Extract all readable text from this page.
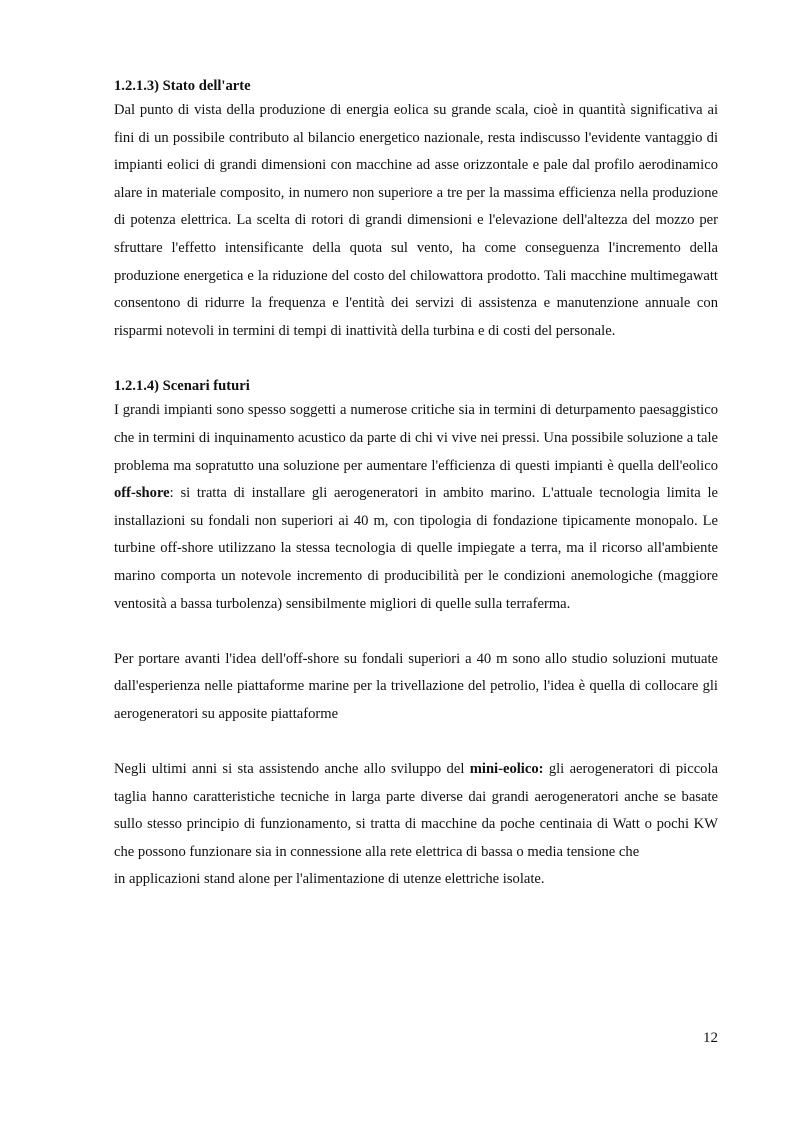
1.2.1.3) Stato dell'arte

Dal punto di vista della produzione di energia eolica su grande scala, cioè in quantità significativa ai fini di un possibile contributo al bilancio energetico nazionale, resta indiscusso l'evidente vantaggio di impianti eolici di grandi dimensioni con macchine ad asse orizzontale e pale dal profilo aerodinamico alare in materiale composito, in numero non superiore a tre per la massima efficienza nella produzione di potenza elettrica. La scelta di rotori di grandi dimensioni e l'elevazione dell'altezza del mozzo per sfruttare l'effetto intensificante della quota sul vento, ha come conseguenza l'incremento della produzione energetica e la riduzione del costo del chilowattora prodotto. Tali macchine multimegawatt consentono di ridurre la frequenza e l'entità dei servizi di assistenza e manutenzione annuale con risparmi notevoli in termini di tempi di inattività della turbina e di costi del personale.

1.2.1.4) Scenari futuri

I grandi impianti sono spesso soggetti a numerose critiche sia in termini di deturpamento paesaggistico che in termini di inquinamento acustico da parte di chi vi vive nei pressi. Una possibile soluzione a tale problema ma sopratutto una soluzione per aumentare l'efficienza di questi impianti è quella dell'eolico off-shore: si tratta di installare gli aerogeneratori in ambito marino. L'attuale tecnologia limita le installazioni su fondali non superiori ai 40 m, con tipologia di fondazione tipicamente monopalo. Le turbine off-shore utilizzano la stessa tecnologia di quelle impiegate a terra, ma il ricorso all'ambiente marino comporta un notevole incremento di producibilità per le condizioni anemologiche (maggiore ventosità a bassa turbolenza) sensibilmente migliori di quelle sulla terraferma.

Per portare avanti l'idea dell'off-shore su fondali superiori a 40 m sono allo studio soluzioni mutuate dall'esperienza nelle piattaforme marine per la trivellazione del petrolio, l'idea è quella di collocare gli aerogeneratori su apposite piattaforme

Negli ultimi anni si sta assistendo anche allo sviluppo del mini-eolico: gli aerogeneratori di piccola taglia hanno caratteristiche tecniche in larga parte diverse dai grandi aerogeneratori anche se basate sullo stesso principio di funzionamento, si tratta di macchine da poche centinaia di Watt o pochi KW che possono funzionare sia in connessione alla rete elettrica di bassa o media tensione che

in applicazioni stand alone per l'alimentazione di utenze elettriche isolate.

12
